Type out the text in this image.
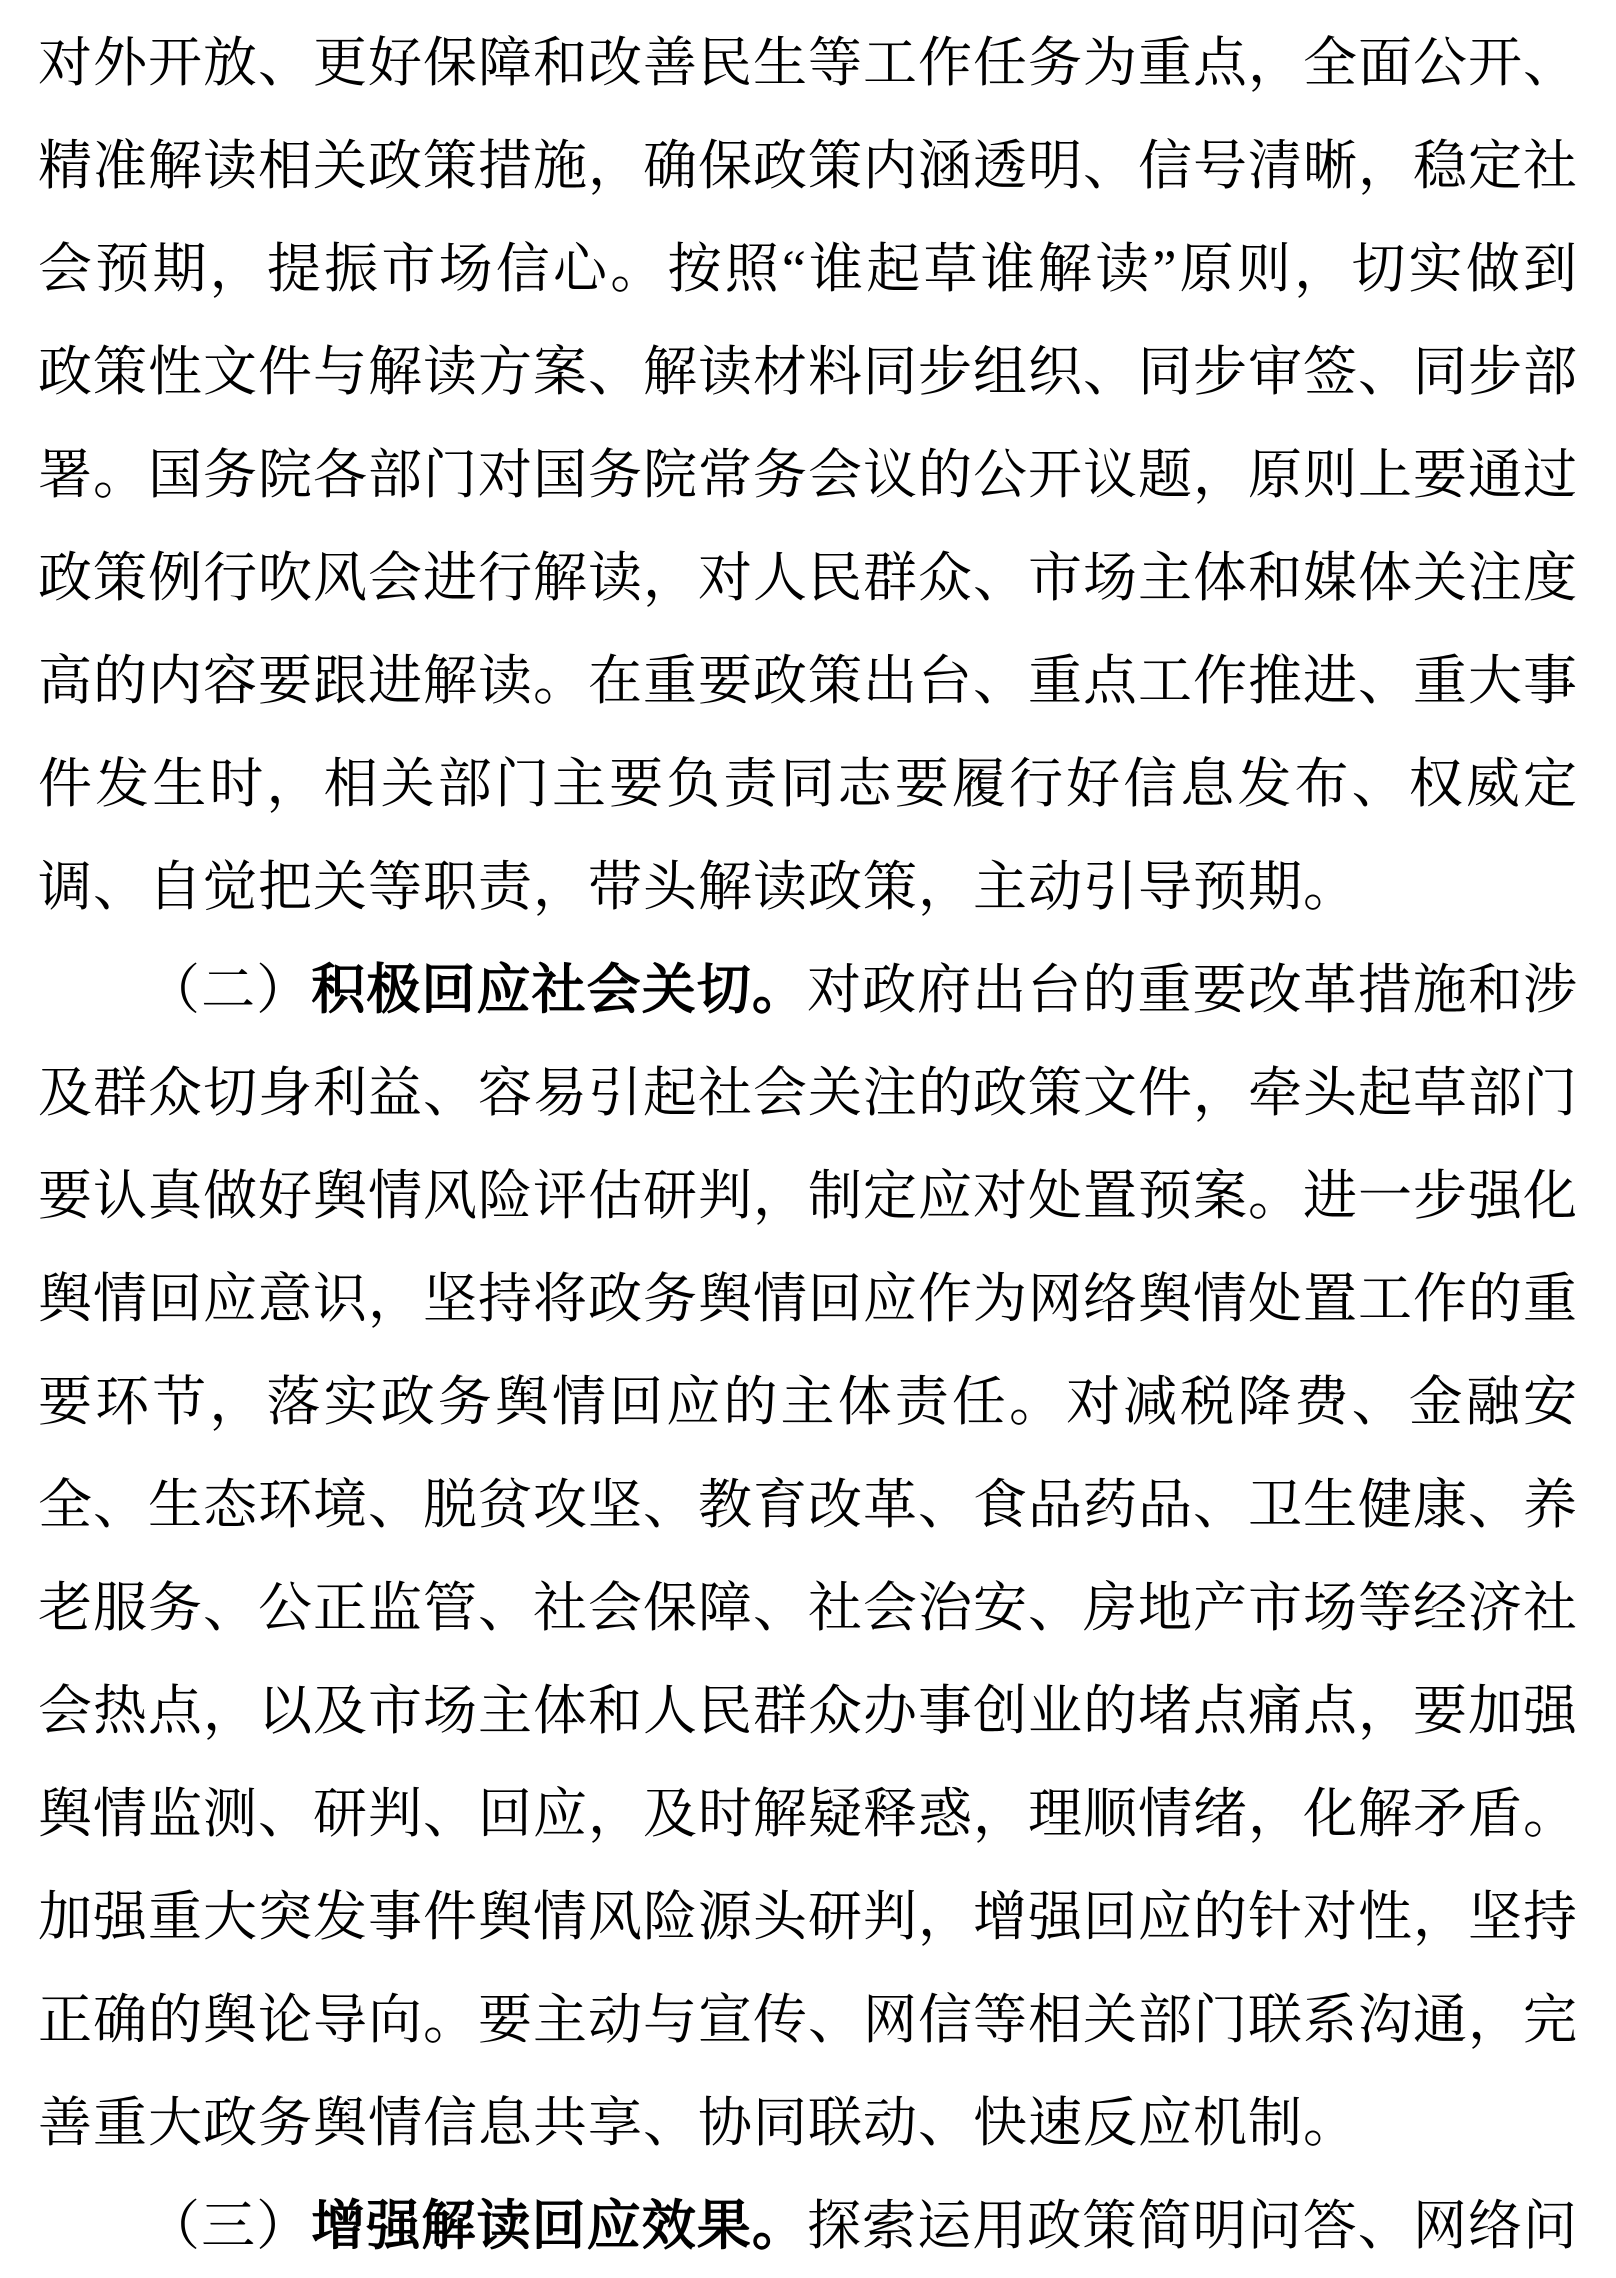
对外开放、更好保障和改善民生等工作任务为重点，全面公开、
精准解读相关政策措施，确保政策内涵透明、信号清晰，稳定社
会预期，提振市场信心。按照“谁起草谁解读”原则，切实做到
政策性文件与解读方案、解读材料同步组织、同步审签、同步部
署。国务院各部门对国务院常务会议的公开议题，原则上要通过
政策例行吹风会进行解读，对人民群众、市场主体和媒体关注度
高的内容要跟进解读。在重要政策出台、重点工作推进、重大事
件发生时，相关部门主要负责同志要履行好信息发布、权威定
调、自觉把关等职责，带头解读政策，主动引导预期。
（二）积极回应社会关切。对政府出台的重要改革措施和涉
及群众切身利益、容易引起社会关注的政策文件，牵头起草部门
要认真做好舆情风险评估研判，制定应对处置预案。进一步强化
舆情回应意识，坚持将政务舆情回应作为网络舆情处置工作的重
要环节，落实政务舆情回应的主体责任。对减税降费、金融安
全、生态环境、脱贫攻坚、教育改革、食品药品、卫生健康、养
老服务、公正监管、社会保障、社会治安、房地产市场等经济社
会热点，以及市场主体和人民群众办事创业的堵点痛点，要加强
舆情监测、研判、回应，及时解疑释惑，理顺情绪，化解矛盾。
加强重大突发事件舆情风险源头研判，增强回应的针对性，坚持
正确的舆论导向。要主动与宣传、网信等相关部门联系沟通，完
善重大政务舆情信息共享、协同联动、快速反应机制。
（三）增强解读回应效果。探索运用政策简明问答、网络问
